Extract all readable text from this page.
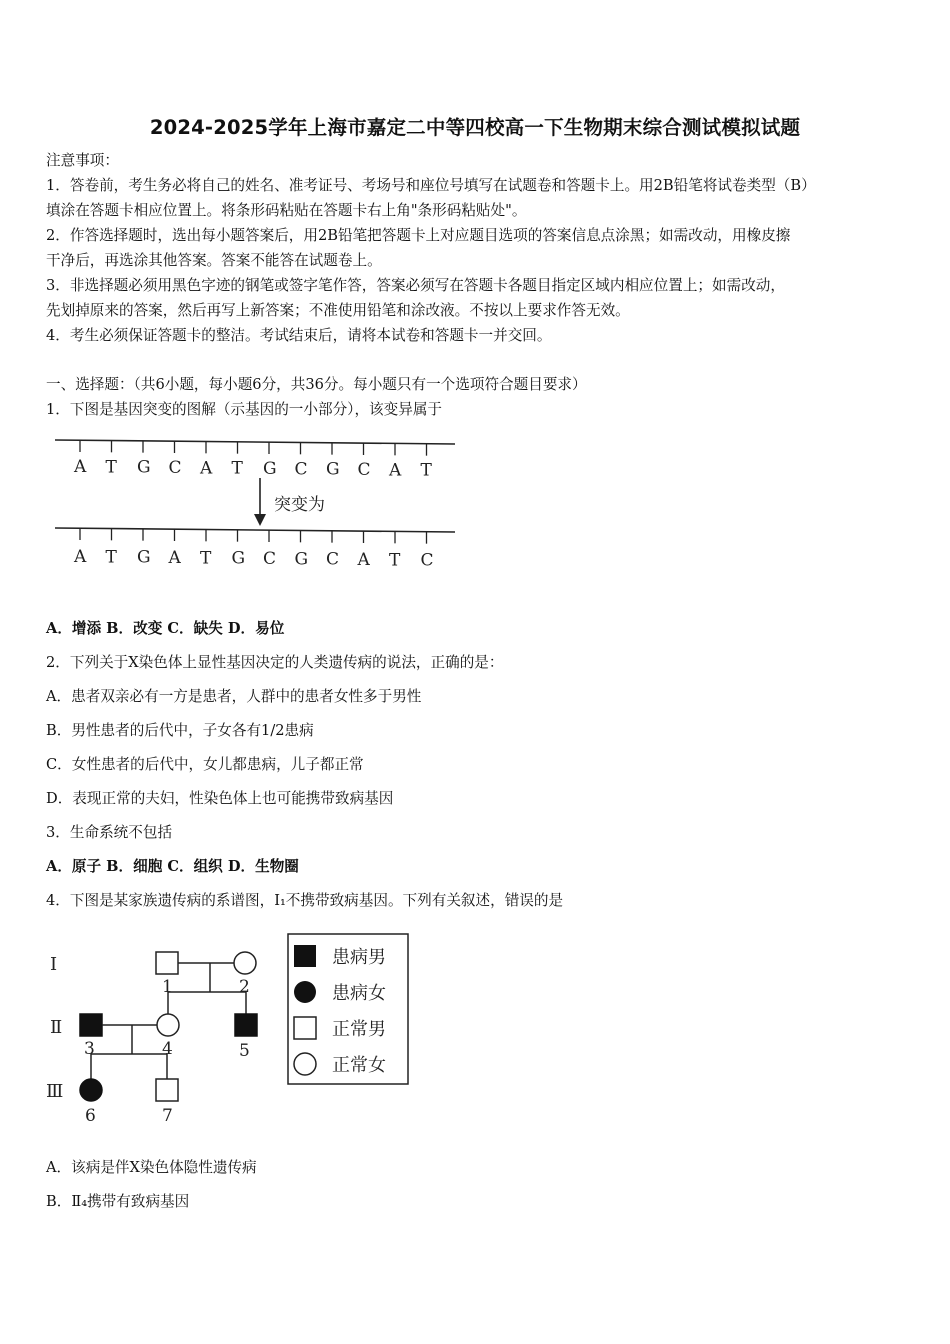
2024-2025学年上海市嘉定二中等四校高一下生物期末综合测试模拟试题
注意事项：
1．答卷前，考生务必将自己的姓名、准考证号、考场号和座位号填写在试题卷和答题卡上。用2B铅笔将试卷类型（B）
填涂在答题卡相应位置上。将条形码粘贴在答题卡右上角"条形码粘贴处"。
2．作答选择题时，选出每小题答案后，用2B铅笔把答题卡上对应题目选项的答案信息点涂黑；如需改动，用橡皮擦
干净后，再选涂其他答案。答案不能答在试题卷上。
3．非选择题必须用黑色字迹的钢笔或签字笔作答，答案必须写在答题卡各题目指定区域内相应位置上；如需改动，
先划掉原来的答案，然后再写上新答案；不准使用铅笔和涂改液。不按以上要求作答无效。
4．考生必须保证答题卡的整洁。考试结束后，请将本试卷和答题卡一并交回。
一、选择题：（共6小题，每小题6分，共36分。每小题只有一个选项符合题目要求）
1．下图是基因突变的图解（示基因的一小部分），该变异属于
A T G C A T G C G C A T
突变为
A T G A T G C G C A T C
A．增添 B．改变 C．缺失 D．易位
2．下列关于X染色体上显性基因决定的人类遗传病的说法，正确的是：
A．患者双亲必有一方是患者，人群中的患者女性多于男性
B．男性患者的后代中，子女各有1/2患病
C．女性患者的后代中，女儿都患病，儿子都正常
D．表现正常的夫妇，性染色体上也可能携带致病基因
3．生命系统不包括
A．原子 B．细胞 C．组织 D．生物圈
4．下图是某家族遗传病的系谱图，Ⅰ₁不携带致病基因。下列有关叙述，错误的是
Ⅰ
Ⅱ
Ⅲ
1	2
3	4	5
6	7
患病男
患病女
正常男
正常女
A．该病是伴X染色体隐性遗传病
B．Ⅱ₄携带有致病基因
